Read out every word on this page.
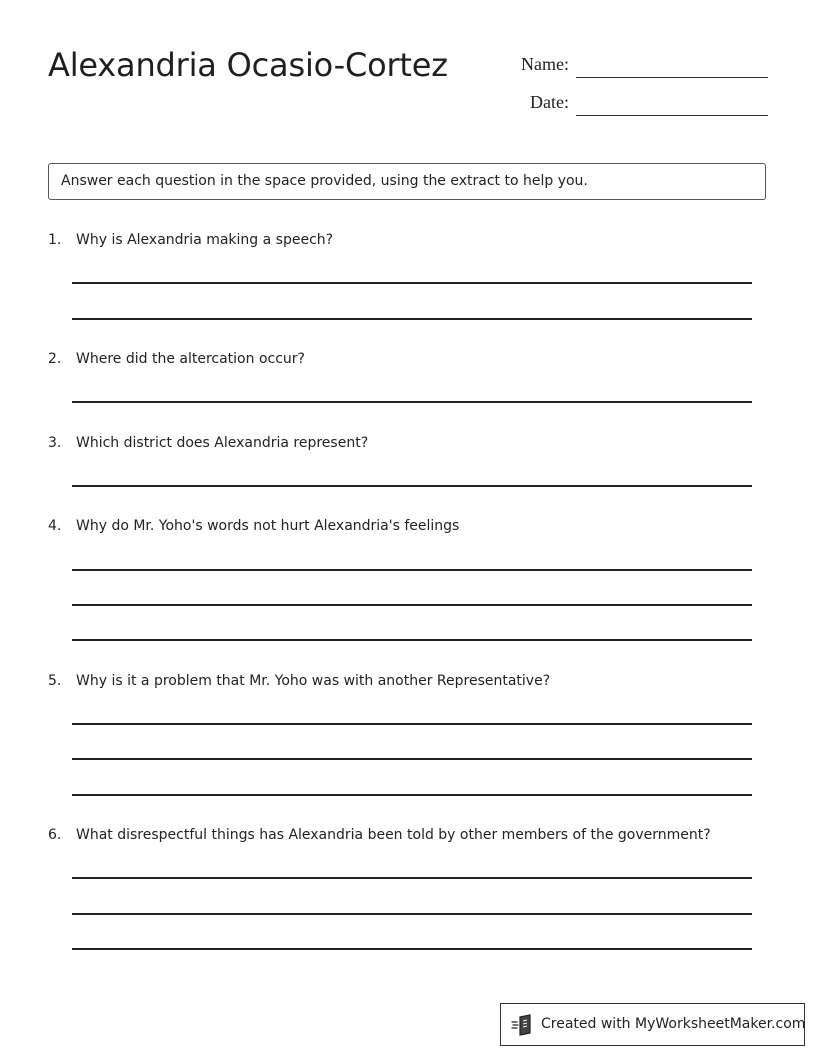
Alexandria Ocasio-Cortez	Name:
Date:
Answer each question in the space provided, using the extract to help you.
1. Why is Alexandria making a speech?
2. Where did the altercation occur?
3. Which district does Alexandria represent?
4. Why do Mr. Yoho's words not hurt Alexandria's feelings
5. Why is it a problem that Mr. Yoho was with another Representative?
6. What disrespectful things has Alexandria been told by other members of the government?
Created with MyWorksheetMaker.com
